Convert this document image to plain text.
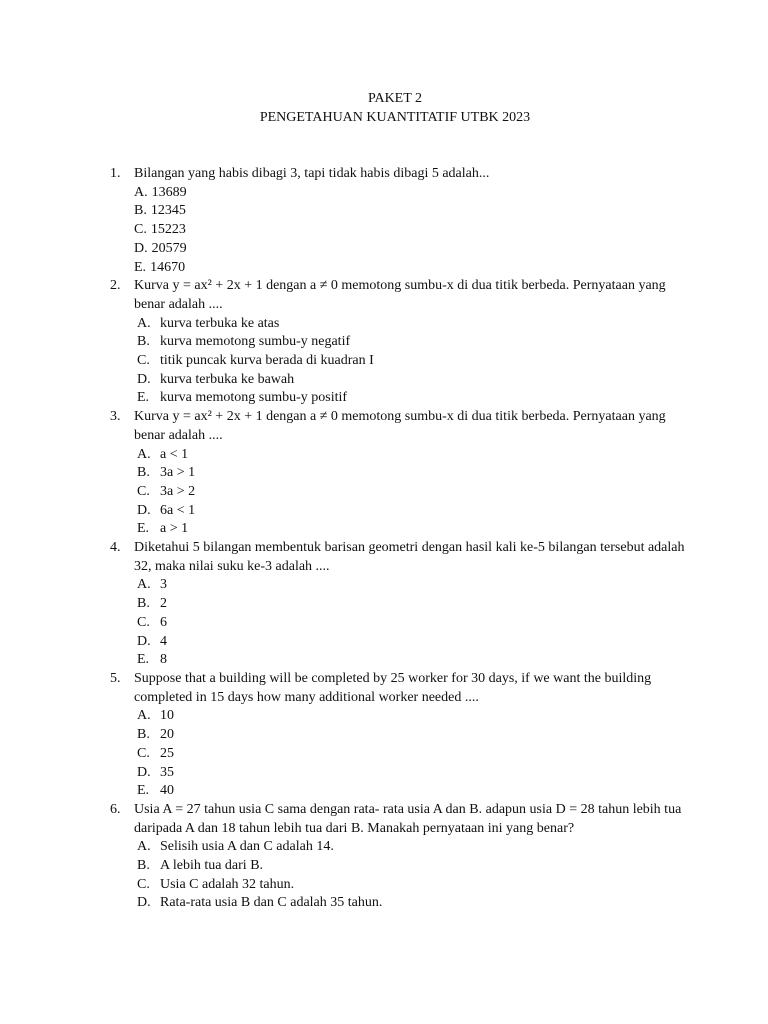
PAKET 2
PENGETAHUAN KUANTITATIF UTBK 2023
1. Bilangan yang habis dibagi 3, tapi tidak habis dibagi 5 adalah...
A. 13689
B. 12345
C. 15223
D. 20579
E. 14670
2. Kurva y = ax² + 2x + 1 dengan a ≠ 0 memotong sumbu-x di dua titik berbeda. Pernyataan yang benar adalah ....
A. kurva terbuka ke atas
B. kurva memotong sumbu-y negatif
C. titik puncak kurva berada di kuadran I
D. kurva terbuka ke bawah
E. kurva memotong sumbu-y positif
3. Kurva y = ax² + 2x + 1 dengan a ≠ 0 memotong sumbu-x di dua titik berbeda. Pernyataan yang benar adalah ....
A. a < 1
B. 3a > 1
C. 3a > 2
D. 6a < 1
E. a > 1
4. Diketahui 5 bilangan membentuk barisan geometri dengan hasil kali ke-5 bilangan tersebut adalah 32, maka nilai suku ke-3 adalah ....
A. 3
B. 2
C. 6
D. 4
E. 8
5. Suppose that a building will be completed by 25 worker for 30 days, if we want the building completed in 15 days how many additional worker needed ....
A. 10
B. 20
C. 25
D. 35
E. 40
6. Usia A = 27 tahun usia C sama dengan rata- rata usia A dan B. adapun usia D = 28 tahun lebih tua daripada A dan 18 tahun lebih tua dari B. Manakah pernyataan ini yang benar?
A. Selisih usia A dan C adalah 14.
B. A lebih tua dari B.
C. Usia C adalah 32 tahun.
D. Rata-rata usia B dan C adalah 35 tahun.
